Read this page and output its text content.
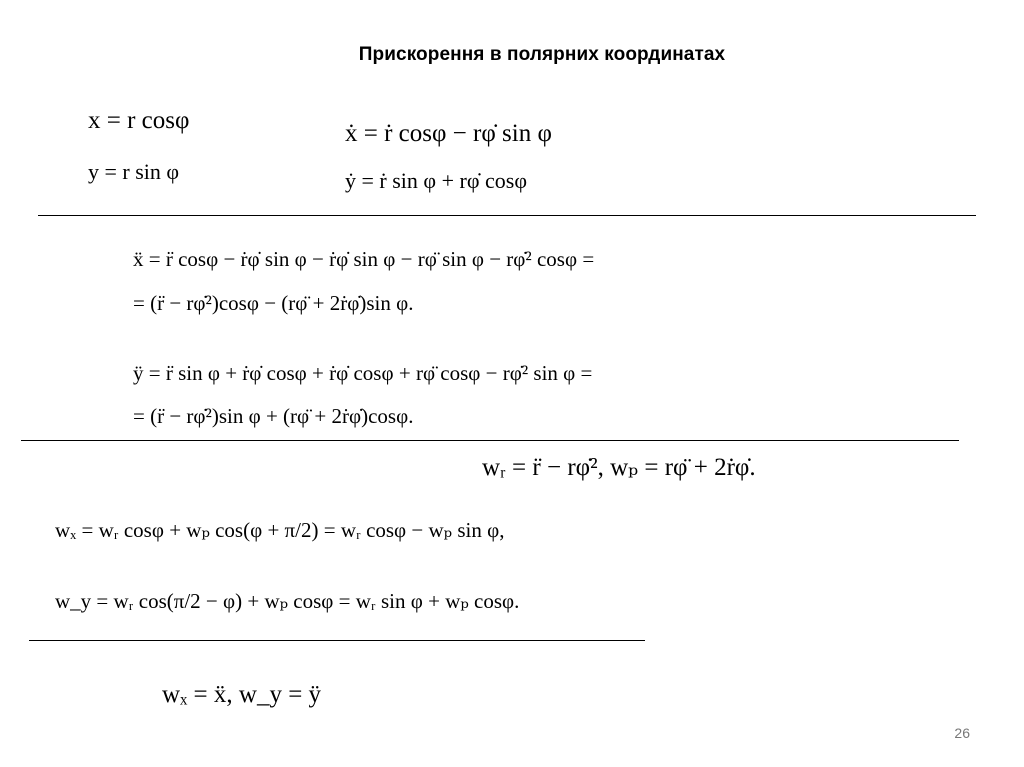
Прискорення в полярних координатах
x = r cosφ	ẋ = ṙ cosφ − rφ̇ sin φ
y = r sin φ	ẏ = ṙ sin φ + rφ̇ cosφ
ẍ = r̈ cosφ − ṙφ̇ sin φ − ṙφ̇ sin φ − rφ̈ sin φ − rφ̇² cosφ =
= (r̈ − rφ̇²)cosφ − (rφ̈ + 2ṙφ̇)sin φ.
ÿ = r̈ sin φ + ṙφ̇ cosφ + ṙφ̇ cosφ + rφ̈ cosφ − rφ̇² sin φ =
= (r̈ − rφ̇²)sin φ + (rφ̈ + 2ṙφ̇)cosφ.
wᵣ = r̈ − rφ̇², wₚ = rφ̈ + 2ṙφ̇.
wₓ = wᵣ cosφ + wₚ cos(φ + π/2) = wᵣ cosφ − wₚ sin φ,
w_y = wᵣ cos(π/2 − φ) + wₚ cosφ = wᵣ sin φ + wₚ cosφ.
wₓ = ẍ, w_y = ÿ
26
